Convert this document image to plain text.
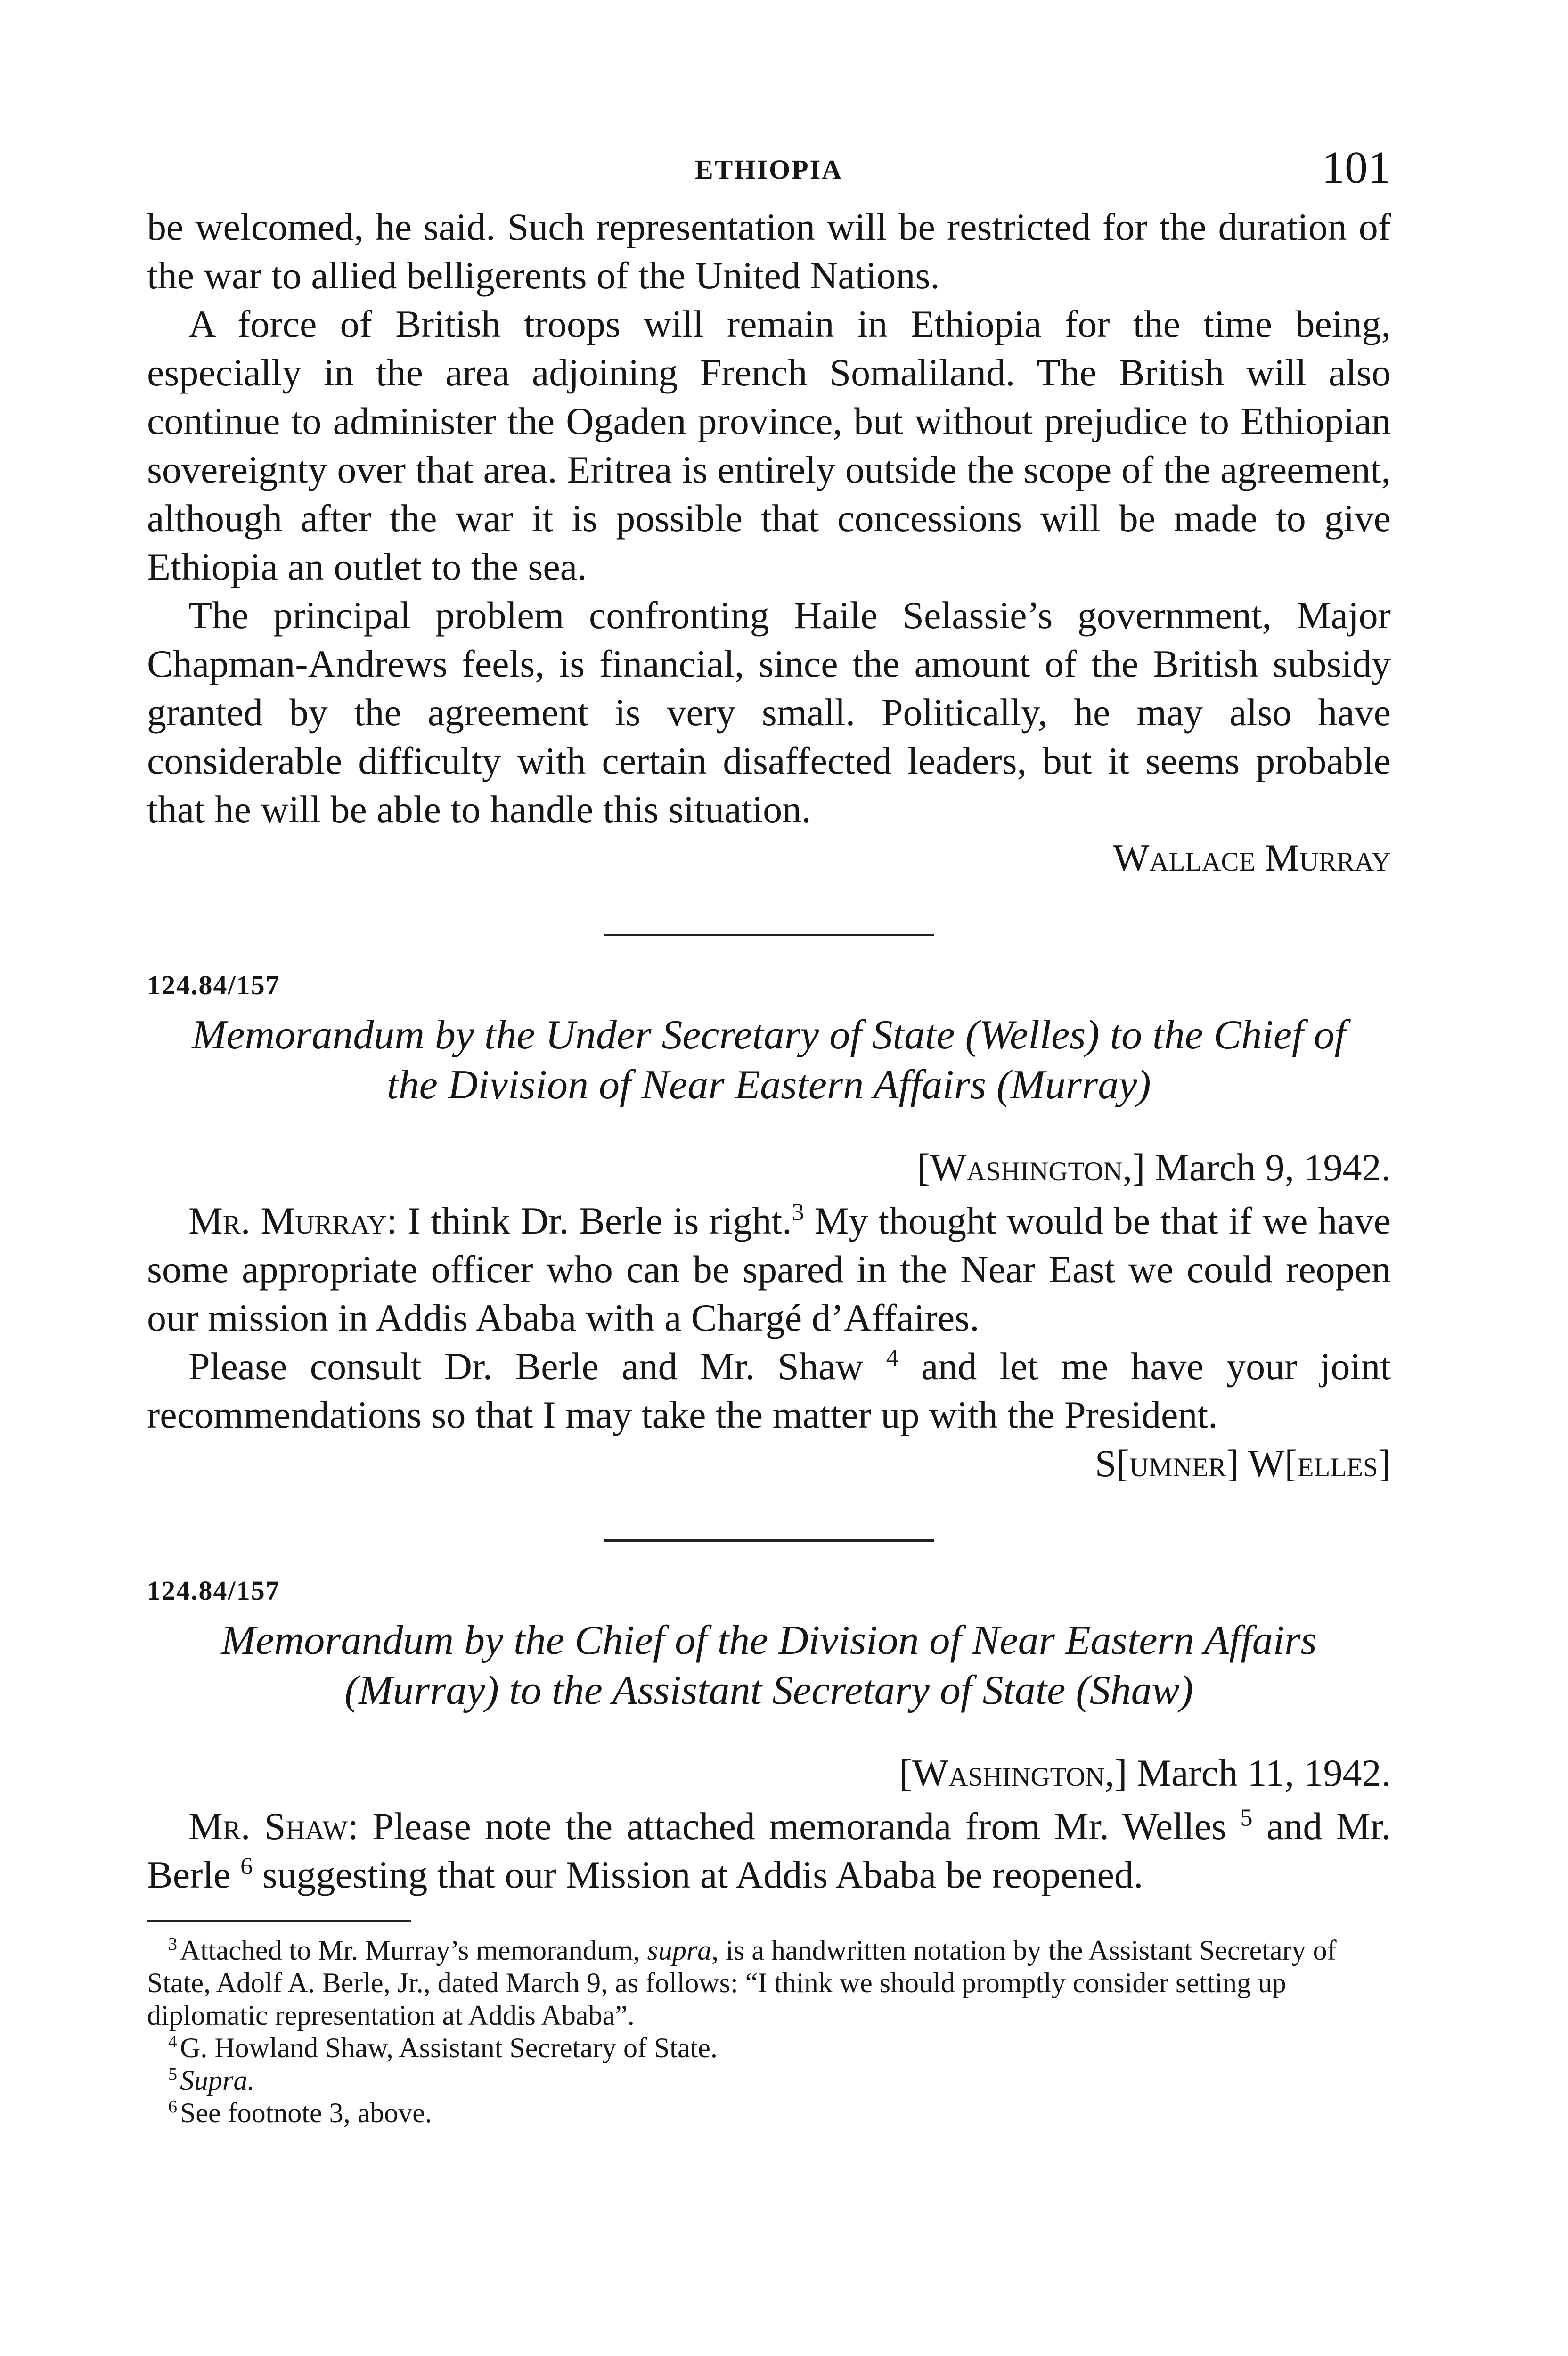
ETHIOPIA	101

be welcomed, he said. Such representation will be restricted for the duration of the war to allied belligerents of the United Nations.

A force of British troops will remain in Ethiopia for the time being, especially in the area adjoining French Somaliland. The British will also continue to administer the Ogaden province, but without prejudice to Ethiopian sovereignty over that area. Eritrea is entirely outside the scope of the agreement, although after the war it is possible that concessions will be made to give Ethiopia an outlet to the sea.

The principal problem confronting Haile Selassie’s government, Major Chapman-Andrews feels, is financial, since the amount of the British subsidy granted by the agreement is very small. Politically, he may also have considerable difficulty with certain disaffected leaders, but it seems probable that he will be able to handle this situation.

Wallace Murray

124.84/157
Memorandum by the Under Secretary of State (Welles) to the Chief of the Division of Near Eastern Affairs (Murray)
[Washington,] March 9, 1942.

Mr. Murray: I think Dr. Berle is right.$^3$ My thought would be that if we have some appropriate officer who can be spared in the Near East we could reopen our mission in Addis Ababa with a Chargé d’Affaires.

Please consult Dr. Berle and Mr. Shaw $^4$ and let me have your joint recommendations so that I may take the matter up with the President.

S[umner] W[elles]

124.84/157
Memorandum by the Chief of the Division of Near Eastern Affairs (Murray) to the Assistant Secretary of State (Shaw)
[Washington,] March 11, 1942.

Mr. Shaw: Please note the attached memoranda from Mr. Welles $^5$ and Mr. Berle $^6$ suggesting that our Mission at Addis Ababa be reopened.

$^3$ Attached to Mr. Murray’s memorandum, supra, is a handwritten notation by the Assistant Secretary of State, Adolf A. Berle, Jr., dated March 9, as follows: “I think we should promptly consider setting up diplomatic representation at Addis Ababa”.

$^4$ G. Howland Shaw, Assistant Secretary of State.

$^5$ Supra.

$^6$ See footnote 3, above.
